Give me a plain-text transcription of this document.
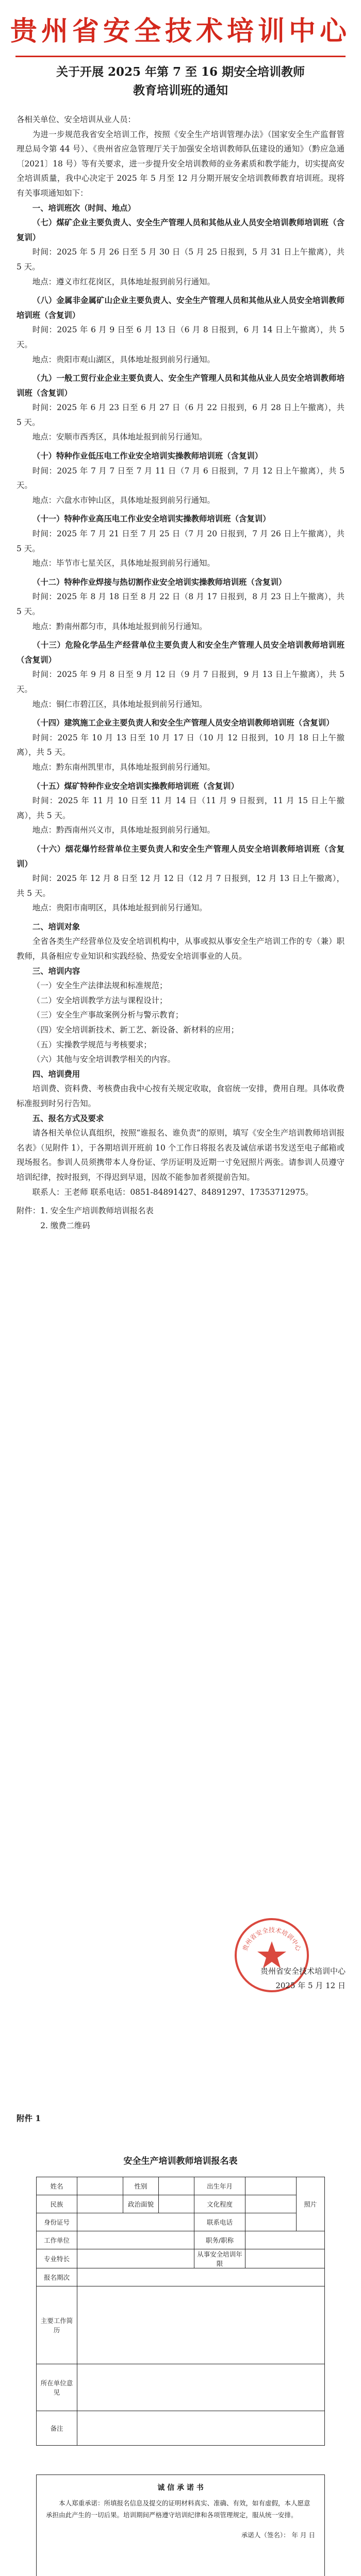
贵州省安全技术培训中心
关于开展 2025 年第 7 至 16 期安全培训教师
教育培训班的通知

各相关单位、安全培训从业人员：

为进一步规范我省安全培训工作，按照《安全生产培训管理办法》（国家安全生产监督管理总局令第 44 号）、《贵州省应急管理厅关于加强安全培训教师队伍建设的通知》（黔应急通〔2021〕18 号）等有关要求，进一步提升安全培训教师的业务素质和教学能力，切实提高安全培训质量，我中心决定于 2025 年 5 月至 12 月分期开展安全培训教师教育培训班。现将有关事项通知如下：

一、培训班次（时间、地点）

（七）煤矿企业主要负责人、安全生产管理人员和其他从业人员安全培训教师培训班（含复训）

时间：2025 年 5 月 26 日至 5 月 30 日（5 月 25 日报到，5 月 31 日上午撤离），共 5 天。

地点：遵义市红花岗区，具体地址报到前另行通知。

（八）金属非金属矿山企业主要负责人、安全生产管理人员和其他从业人员安全培训教师培训班（含复训）

时间：2025 年 6 月 9 日至 6 月 13 日（6 月 8 日报到，6 月 14 日上午撤离），共 5 天。

地点：贵阳市观山湖区，具体地址报到前另行通知。

（九）一般工贸行业企业主要负责人、安全生产管理人员和其他从业人员安全培训教师培训班（含复训）

时间：2025 年 6 月 23 日至 6 月 27 日（6 月 22 日报到，6 月 28 日上午撤离），共 5 天。

地点：安顺市西秀区，具体地址报到前另行通知。

（十）特种作业低压电工作业安全培训实操教师培训班（含复训）

时间：2025 年 7 月 7 日至 7 月 11 日（7 月 6 日报到，7 月 12 日上午撤离），共 5 天。

地点：六盘水市钟山区，具体地址报到前另行通知。

（十一）特种作业高压电工作业安全培训实操教师培训班（含复训）

时间：2025 年 7 月 21 日至 7 月 25 日（7 月 20 日报到，7 月 26 日上午撤离），共 5 天。

地点：毕节市七星关区，具体地址报到前另行通知。

（十二）特种作业焊接与热切割作业安全培训实操教师培训班（含复训）

时间：2025 年 8 月 18 日至 8 月 22 日（8 月 17 日报到，8 月 23 日上午撤离），共 5 天。

地点：黔南州都匀市，具体地址报到前另行通知。

（十三）危险化学品生产经营单位主要负责人和安全生产管理人员安全培训教师培训班（含复训）

时间：2025 年 9 月 8 日至 9 月 12 日（9 月 7 日报到，9 月 13 日上午撤离），共 5 天。

地点：铜仁市碧江区，具体地址报到前另行通知。

（十四）建筑施工企业主要负责人和安全生产管理人员安全培训教师培训班（含复训）

时间：2025 年 10 月 13 日至 10 月 17 日（10 月 12 日报到，10 月 18 日上午撤离），共 5 天。

地点：黔东南州凯里市，具体地址报到前另行通知。

（十五）煤矿特种作业安全培训实操教师培训班（含复训）

时间：2025 年 11 月 10 日至 11 月 14 日（11 月 9 日报到，11 月 15 日上午撤离），共 5 天。

地点：黔西南州兴义市，具体地址报到前另行通知。

（十六）烟花爆竹经营单位主要负责人和安全生产管理人员安全培训教师培训班（含复训）

时间：2025 年 12 月 8 日至 12 月 12 日（12 月 7 日报到，12 月 13 日上午撤离），共 5 天。

地点：贵阳市南明区，具体地址报到前另行通知。

二、培训对象

全省各类生产经营单位及安全培训机构中，从事或拟从事安全生产培训工作的专（兼）职教师，具备相应专业知识和实践经验、热爱安全培训事业的人员。

三、培训内容

（一）安全生产法律法规和标准规范；

（二）安全培训教学方法与课程设计；

（三）安全生产事故案例分析与警示教育；

（四）安全培训新技术、新工艺、新设备、新材料的应用；

（五）实操教学规范与考核要求；

（六）其他与安全培训教学相关的内容。

四、培训费用

培训费、资料费、考核费由我中心按有关规定收取，食宿统一安排，费用自理。具体收费标准报到时另行告知。

五、报名方式及要求

请各相关单位认真组织，按照“谁报名、谁负责”的原则，填写《安全生产培训教师培训报名表》（见附件 1），于各期培训开班前 10 个工作日将报名表及诚信承诺书发送至电子邮箱或现场报名。参训人员须携带本人身份证、学历证明及近期一寸免冠照片两张。请参训人员遵守培训纪律，按时报到，不得迟到早退，因故不能参加者须提前告知。

联系人：王老师 联系电话：0851-84891427、84891297、17353712975。

附件：1. 安全生产培训教师培训报名表

2. 缴费二维码

贵州省安全技术培训中心
贵州省安全技术培训中心
2025 年 5 月 12 日
附件 1
安全生产培训教师培训报名表
姓名		性别		出生年月		照片
民族		政治面貌		文化程度		
身份证号				联系电话		
工作单位				职务/职称		
专业特长				从事安全培训年限		
报名期次						
主要工作简历						
所在单位意见						
备注						
诚 信 承 诺 书

本人郑重承诺：所填报名信息及提交的证明材料真实、准确、有效，如有虚假，本人愿意承担由此产生的一切后果。培训期间严格遵守培训纪律和各项管理规定，服从统一安排。

承诺人（签名）： 年 月 日
